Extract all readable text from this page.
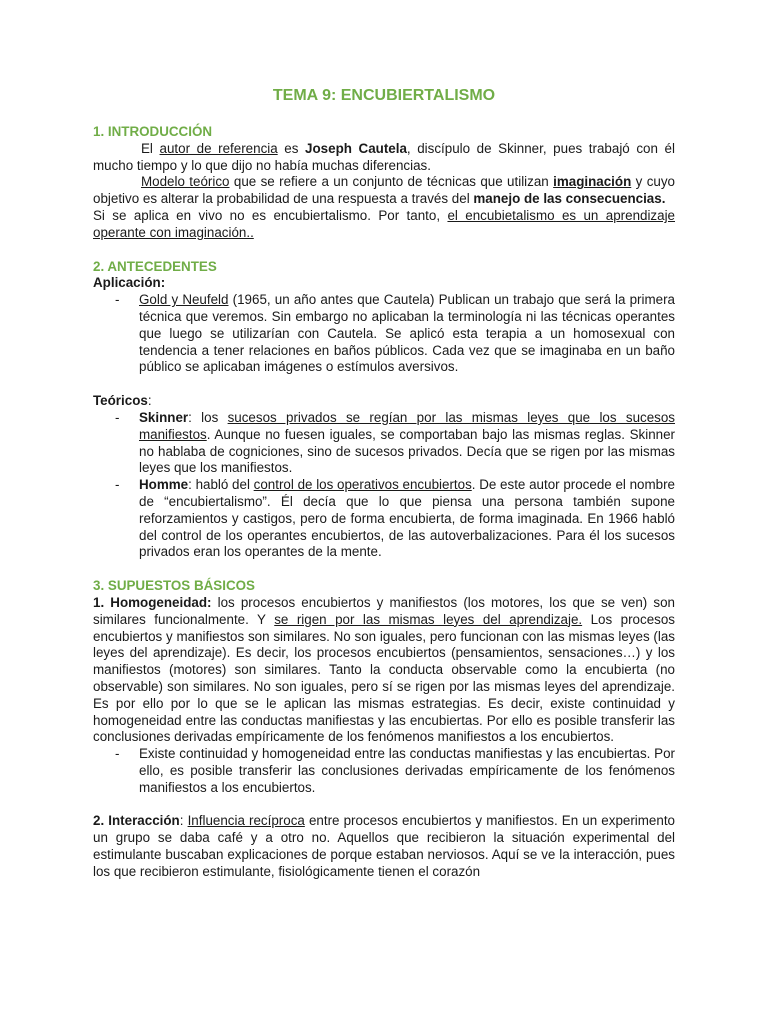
TEMA 9: ENCUBIERTALISMO
1. INTRODUCCIÓN

El autor de referencia es Joseph Cautela, discípulo de Skinner, pues trabajó con él mucho tiempo y lo que dijo no había muchas diferencias.

Modelo teórico que se refiere a un conjunto de técnicas que utilizan imaginación y cuyo objetivo es alterar la probabilidad de una respuesta a través del manejo de las consecuencias.

Si se aplica en vivo no es encubiertalismo. Por tanto, el encubietalismo es un aprendizaje operante con imaginación..

2. ANTECEDENTES

Aplicación:

- Gold y Neufeld (1965, un año antes que Cautela) Publican un trabajo que será la primera técnica que veremos. Sin embargo no aplicaban la terminología ni las técnicas operantes que luego se utilizarían con Cautela. Se aplicó esta terapia a un homosexual con tendencia a tener relaciones en baños públicos. Cada vez que se imaginaba en un baño público se aplicaban imágenes o estímulos aversivos.

Teóricos:

- Skinner: los sucesos privados se regían por las mismas leyes que los sucesos manifiestos. Aunque no fuesen iguales, se comportaban bajo las mismas reglas. Skinner no hablaba de cogniciones, sino de sucesos privados. Decía que se rigen por las mismas leyes que los manifiestos.
- Homme: habló del control de los operativos encubiertos. De este autor procede el nombre de “encubiertalismo”. Él decía que lo que piensa una persona también supone reforzamientos y castigos, pero de forma encubierta, de forma imaginada. En 1966 habló del control de los operantes encubiertos, de las autoverbalizaciones. Para él los sucesos privados eran los operantes de la mente.
3. SUPUESTOS BÁSICOS

1. Homogeneidad: los procesos encubiertos y manifiestos (los motores, los que se ven) son similares funcionalmente. Y se rigen por las mismas leyes del aprendizaje. Los procesos encubiertos y manifiestos son similares. No son iguales, pero funcionan con las mismas leyes (las leyes del aprendizaje). Es decir, los procesos encubiertos (pensamientos, sensaciones…) y los manifiestos (motores) son similares. Tanto la conducta observable como la encubierta (no observable) son similares. No son iguales, pero sí se rigen por las mismas leyes del aprendizaje. Es por ello por lo que se le aplican las mismas estrategias. Es decir, existe continuidad y homogeneidad entre las conductas manifiestas y las encubiertas. Por ello es posible transferir las conclusiones derivadas empíricamente de los fenómenos manifiestos a los encubiertos.

- Existe continuidad y homogeneidad entre las conductas manifiestas y las encubiertas. Por ello, es posible transferir las conclusiones derivadas empíricamente de los fenómenos manifiestos a los encubiertos.

2. Interacción: Influencia recíproca entre procesos encubiertos y manifiestos. En un experimento un grupo se daba café y a otro no. Aquellos que recibieron la situación experimental del estimulante buscaban explicaciones de porque estaban nerviosos. Aquí se ve la interacción, pues los que recibieron estimulante, fisiológicamente tienen el corazón
